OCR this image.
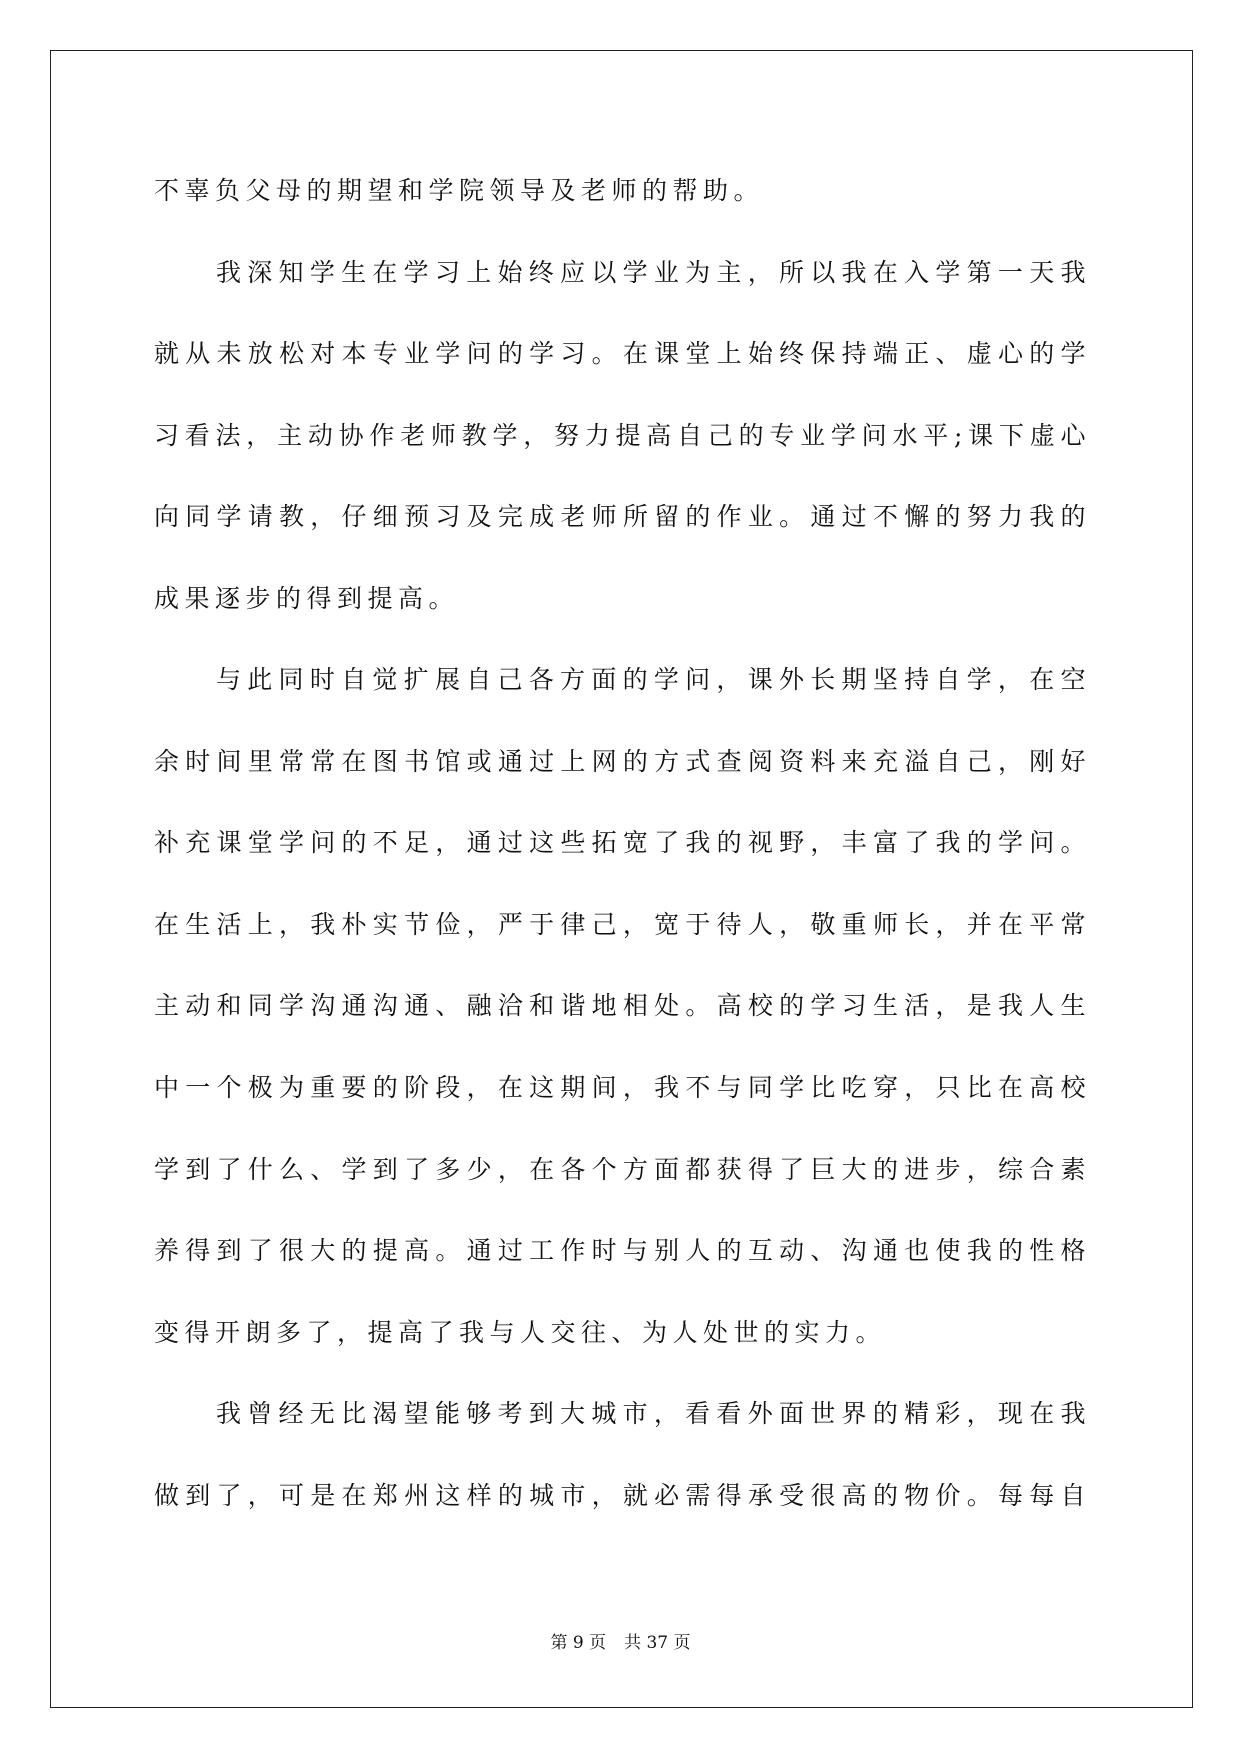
不辜负父母的期望和学院领导及老师的帮助。
我深知学生在学习上始终应以学业为主，所以我在入学第一天我
就从未放松对本专业学问的学习。在课堂上始终保持端正、虚心的学
习看法，主动协作老师教学，努力提高自己的专业学问水平;课下虚心
向同学请教，仔细预习及完成老师所留的作业。通过不懈的努力我的
成果逐步的得到提高。
与此同时自觉扩展自己各方面的学问，课外长期坚持自学，在空
余时间里常常在图书馆或通过上网的方式查阅资料来充溢自己，刚好
补充课堂学问的不足，通过这些拓宽了我的视野，丰富了我的学问。
在生活上，我朴实节俭，严于律己，宽于待人，敬重师长，并在平常
主动和同学沟通沟通、融洽和谐地相处。高校的学习生活，是我人生
中一个极为重要的阶段，在这期间，我不与同学比吃穿，只比在高校
学到了什么、学到了多少，在各个方面都获得了巨大的进步，综合素
养得到了很大的提高。通过工作时与别人的互动、沟通也使我的性格
变得开朗多了，提高了我与人交往、为人处世的实力。
我曾经无比渴望能够考到大城市，看看外面世界的精彩，现在我
做到了，可是在郑州这样的城市，就必需得承受很高的物价。每每自
第 9 页 共 37 页
